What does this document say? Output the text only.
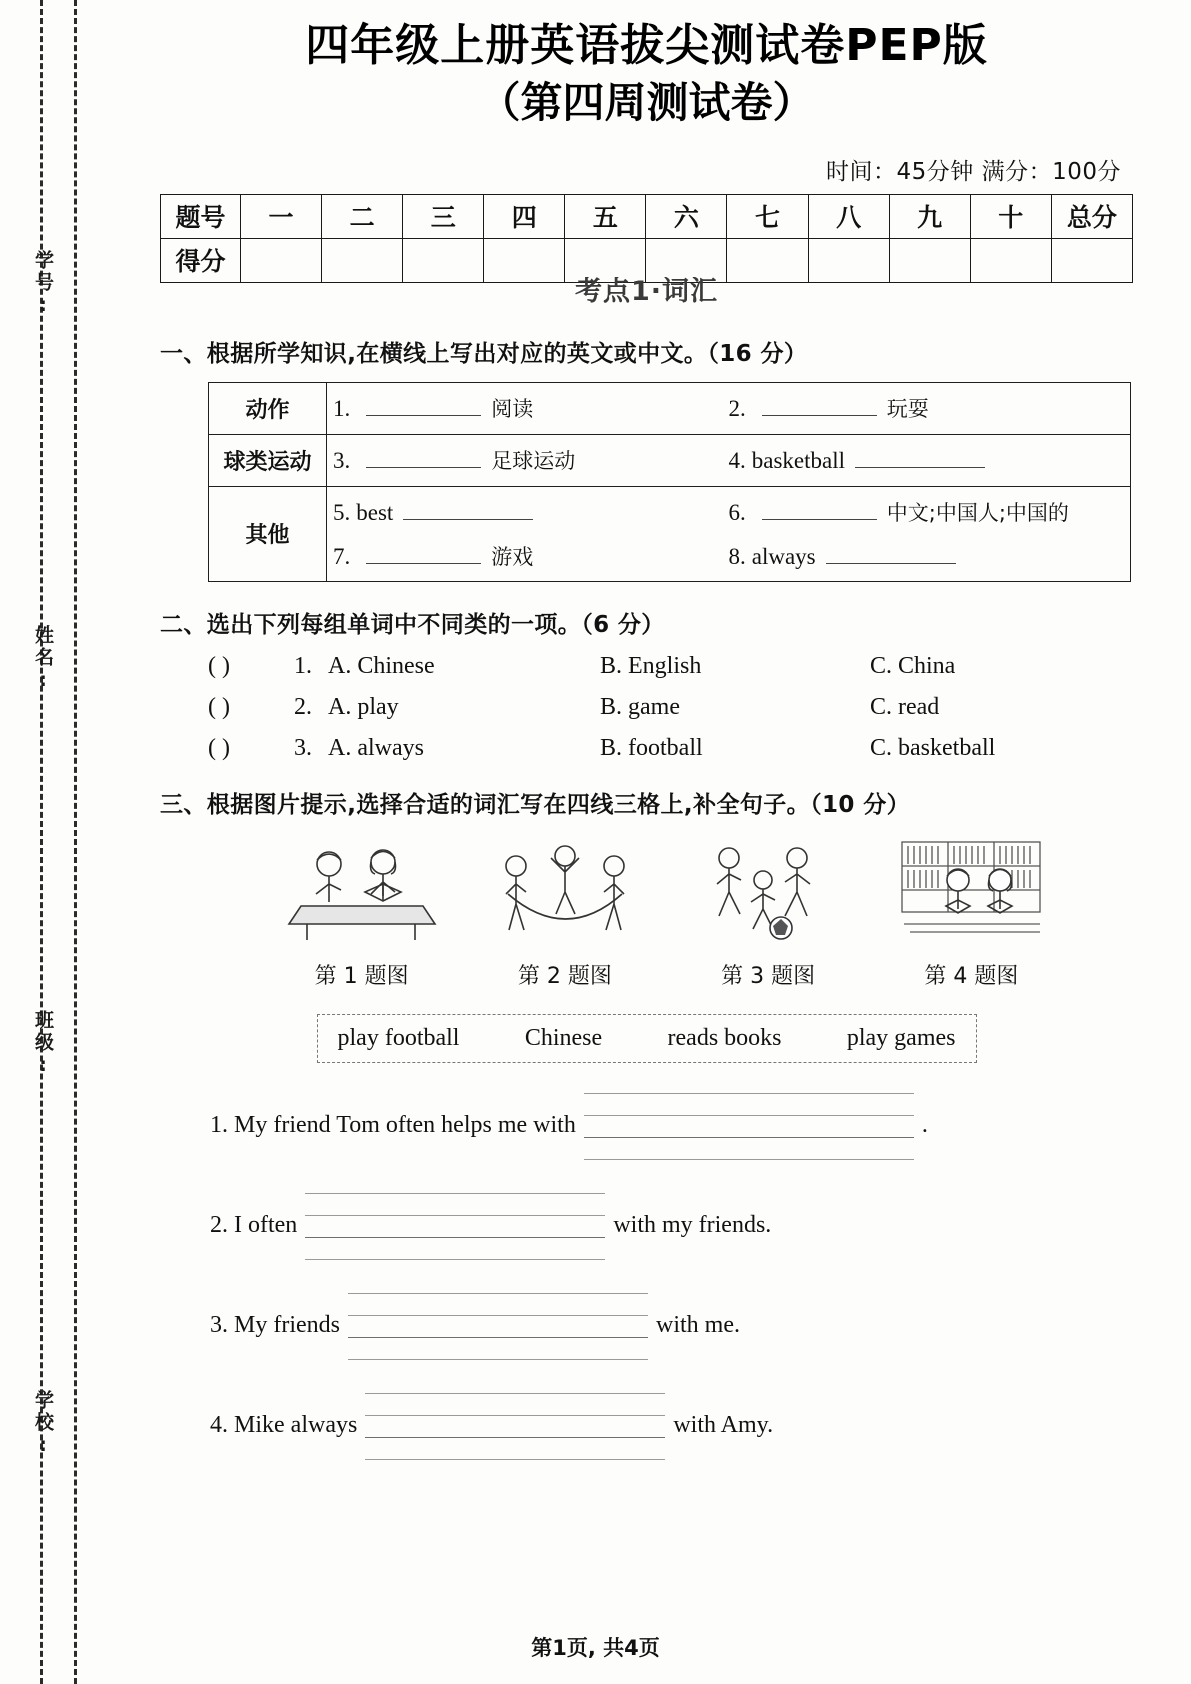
学号:
姓名:
班级:
学校:
四年级上册英语拔尖测试卷PEP版
（第四周测试卷）
时间：45分钟 满分：100分
题号	一	二	三	四	五	六	七	八	九	十	总分
得分											
考点1·词汇
一、根据所学知识,在横线上写出对应的英文或中文。（16 分）
动作	1. 阅读 2. 玩耍

球类运动	3. 足球运动 4. basketball

其他	
5. best	6.	中文;中国人;中国的
7.	游戏	8. always
二、选出下列每组单词中不同类的一项。（6 分）
( )	1. A. Chinese	B. English	C. China
( )	2. A. play	B. game	C. read
( )	3. A. always	B. football	C. basketball
三、根据图片提示,选择合适的词汇写在四线三格上,补全句子。（10 分）
第 1 题图	第 2 题图	第 3 题图	第 4 题图
play football	Chinese	reads books	play games
1. My friend Tom often helps me with	.
2. I often	with my friends.
3. My friends	with me.
4. Mike always	with Amy.
第1页, 共4页
